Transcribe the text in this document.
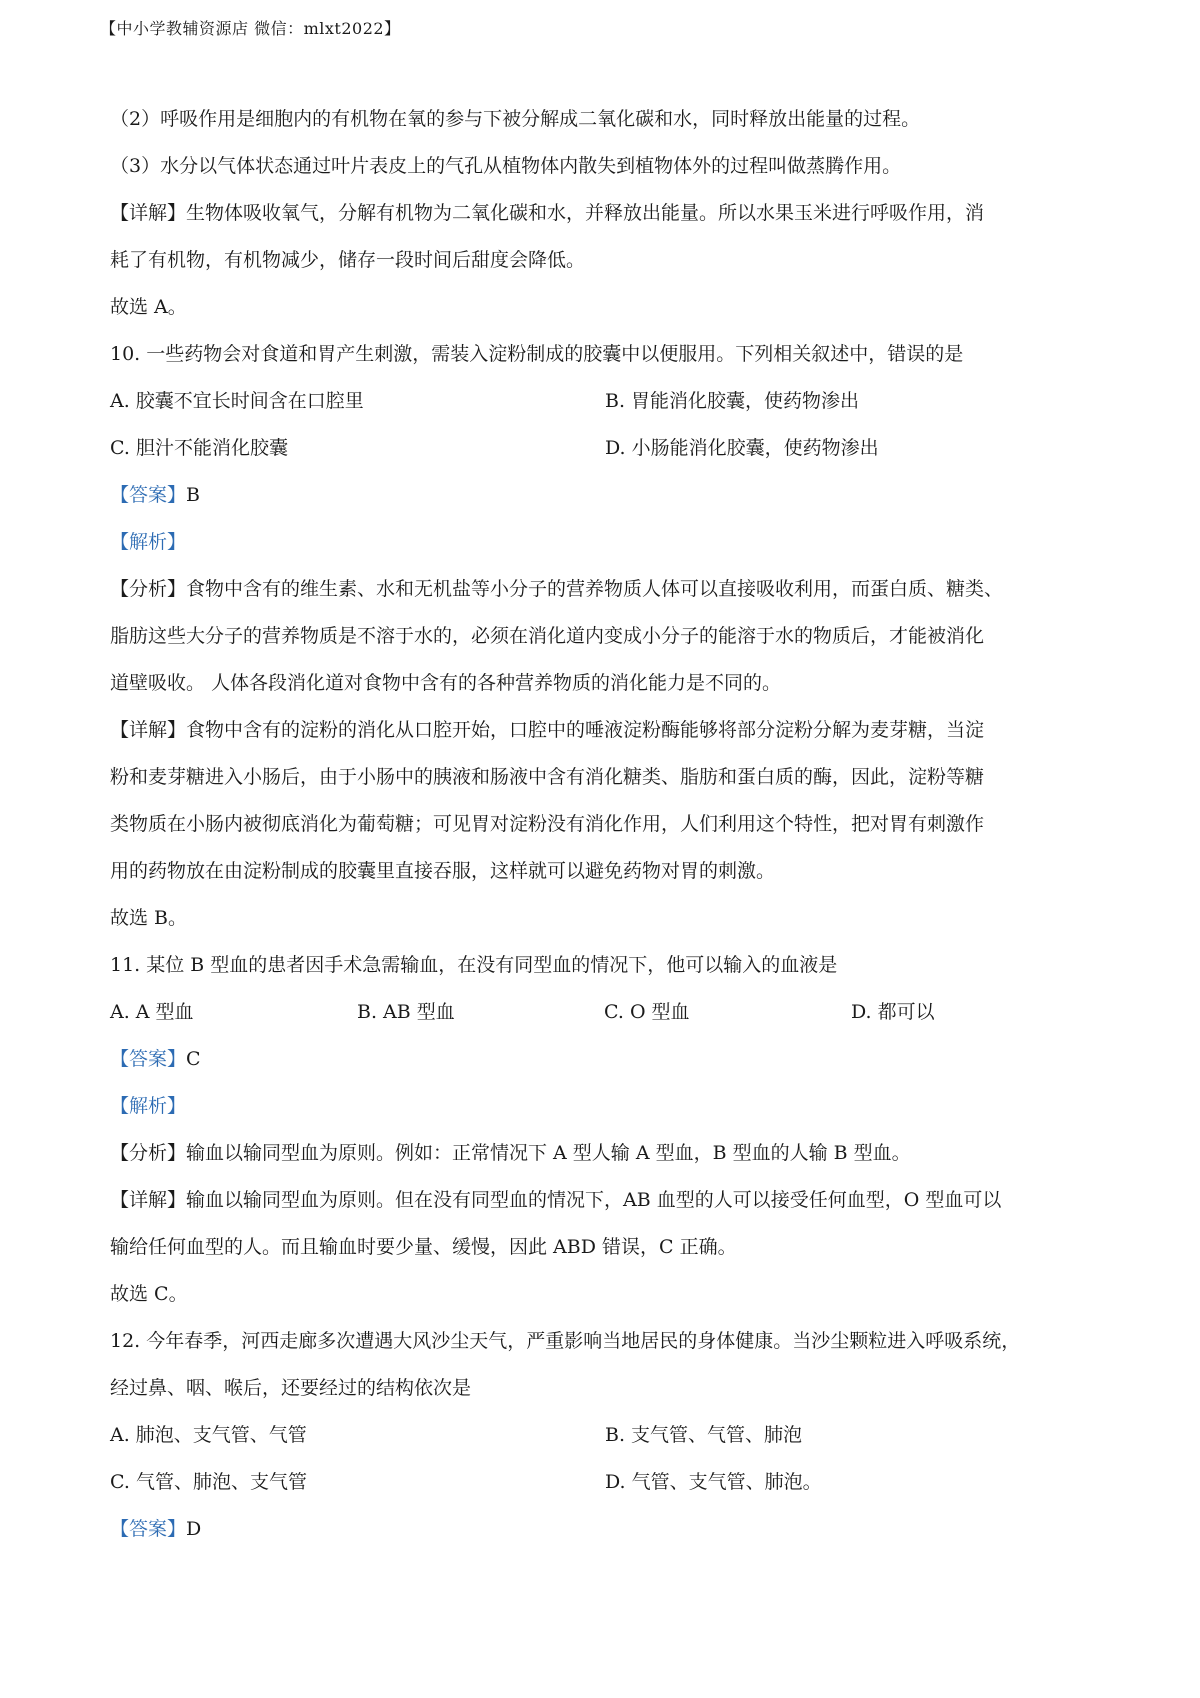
【中小学教辅资源店 微信：mlxt2022】

（2）呼吸作用是细胞内的有机物在氧的参与下被分解成二氧化碳和水，同时释放出能量的过程。

（3）水分以气体状态通过叶片表皮上的气孔从植物体内散失到植物体外的过程叫做蒸腾作用。

【详解】生物体吸收氧气，分解有机物为二氧化碳和水，并释放出能量。所以水果玉米进行呼吸作用，消

耗了有机物，有机物减少，储存一段时间后甜度会降低。

故选 A。

10. 一些药物会对食道和胃产生刺激，需装入淀粉制成的胶囊中以便服用。下列相关叙述中，错误的是

A. 胶囊不宜长时间含在口腔里	B. 胃能消化胶囊，使药物渗出
C. 胆汁不能消化胶囊	D. 小肠能消化胶囊，使药物渗出

【答案】B

【解析】

【分析】食物中含有的维生素、水和无机盐等小分子的营养物质人体可以直接吸收利用，而蛋白质、糖类、

脂肪这些大分子的营养物质是不溶于水的，必须在消化道内变成小分子的能溶于水的物质后，才能被消化

道壁吸收。 人体各段消化道对食物中含有的各种营养物质的消化能力是不同的。

【详解】食物中含有的淀粉的消化从口腔开始，口腔中的唾液淀粉酶能够将部分淀粉分解为麦芽糖，当淀

粉和麦芽糖进入小肠后，由于小肠中的胰液和肠液中含有消化糖类、脂肪和蛋白质的酶，因此，淀粉等糖

类物质在小肠内被彻底消化为葡萄糖；可见胃对淀粉没有消化作用，人们利用这个特性，把对胃有刺激作

用的药物放在由淀粉制成的胶囊里直接吞服，这样就可以避免药物对胃的刺激。

故选 B。

11. 某位 B 型血的患者因手术急需输血，在没有同型血的情况下，他可以输入的血液是

A. A 型血	B. AB 型血	C. O 型血	D. 都可以

【答案】C

【解析】

【分析】输血以输同型血为原则。例如：正常情况下 A 型人输 A 型血，B 型血的人输 B 型血。

【详解】输血以输同型血为原则。但在没有同型血的情况下，AB 血型的人可以接受任何血型，O 型血可以

输给任何血型的人。而且输血时要少量、缓慢，因此 ABD 错误，C 正确。

故选 C。

12. 今年春季，河西走廊多次遭遇大风沙尘天气，严重影响当地居民的身体健康。当沙尘颗粒进入呼吸系统，

经过鼻、咽、喉后，还要经过的结构依次是

A. 肺泡、支气管、气管	B. 支气管、气管、肺泡
C. 气管、肺泡、支气管	D. 气管、支气管、肺泡。

【答案】D
